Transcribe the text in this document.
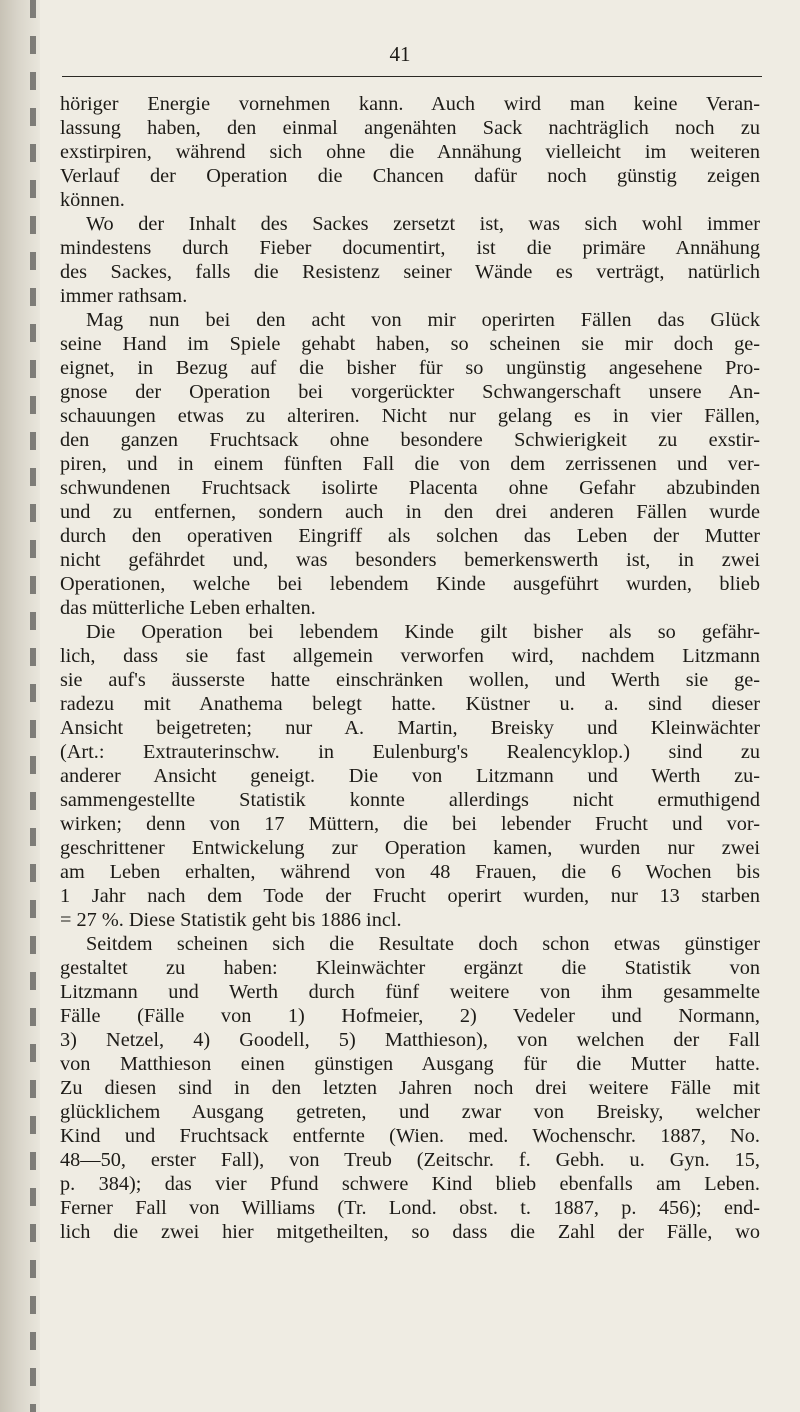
41
höriger Energie vornehmen kann. Auch wird man keine Veran-
lassung haben, den einmal angenähten Sack nachträglich noch zu
exstirpiren, während sich ohne die Annähung vielleicht im weiteren
Verlauf der Operation die Chancen dafür noch günstig zeigen
können.
Wo der Inhalt des Sackes zersetzt ist, was sich wohl immer
mindestens durch Fieber documentirt, ist die primäre Annähung
des Sackes, falls die Resistenz seiner Wände es verträgt, natürlich
immer rathsam.
Mag nun bei den acht von mir operirten Fällen das Glück
seine Hand im Spiele gehabt haben, so scheinen sie mir doch ge-
eignet, in Bezug auf die bisher für so ungünstig angesehene Pro-
gnose der Operation bei vorgerückter Schwangerschaft unsere An-
schauungen etwas zu alteriren. Nicht nur gelang es in vier Fällen,
den ganzen Fruchtsack ohne besondere Schwierigkeit zu exstir-
piren, und in einem fünften Fall die von dem zerrissenen und ver-
schwundenen Fruchtsack isolirte Placenta ohne Gefahr abzubinden
und zu entfernen, sondern auch in den drei anderen Fällen wurde
durch den operativen Eingriff als solchen das Leben der Mutter
nicht gefährdet und, was besonders bemerkenswerth ist, in zwei
Operationen, welche bei lebendem Kinde ausgeführt wurden, blieb
das mütterliche Leben erhalten.
Die Operation bei lebendem Kinde gilt bisher als so gefähr-
lich, dass sie fast allgemein verworfen wird, nachdem Litzmann
sie auf's äusserste hatte einschränken wollen, und Werth sie ge-
radezu mit Anathema belegt hatte. Küstner u. a. sind dieser
Ansicht beigetreten; nur A. Martin, Breisky und Kleinwächter
(Art.: Extrauterinschw. in Eulenburg's Realencyklop.) sind zu
anderer Ansicht geneigt. Die von Litzmann und Werth zu-
sammengestellte Statistik konnte allerdings nicht ermuthigend
wirken; denn von 17 Müttern, die bei lebender Frucht und vor-
geschrittener Entwickelung zur Operation kamen, wurden nur zwei
am Leben erhalten, während von 48 Frauen, die 6 Wochen bis
1 Jahr nach dem Tode der Frucht operirt wurden, nur 13 starben
= 27 %. Diese Statistik geht bis 1886 incl.
Seitdem scheinen sich die Resultate doch schon etwas günstiger
gestaltet zu haben: Kleinwächter ergänzt die Statistik von
Litzmann und Werth durch fünf weitere von ihm gesammelte
Fälle (Fälle von 1) Hofmeier, 2) Vedeler und Normann,
3) Netzel, 4) Goodell, 5) Matthieson), von welchen der Fall
von Matthieson einen günstigen Ausgang für die Mutter hatte.
Zu diesen sind in den letzten Jahren noch drei weitere Fälle mit
glücklichem Ausgang getreten, und zwar von Breisky, welcher
Kind und Fruchtsack entfernte (Wien. med. Wochenschr. 1887, No.
48—50, erster Fall), von Treub (Zeitschr. f. Gebh. u. Gyn. 15,
p. 384); das vier Pfund schwere Kind blieb ebenfalls am Leben.
Ferner Fall von Williams (Tr. Lond. obst. t. 1887, p. 456); end-
lich die zwei hier mitgetheilten, so dass die Zahl der Fälle, wo
